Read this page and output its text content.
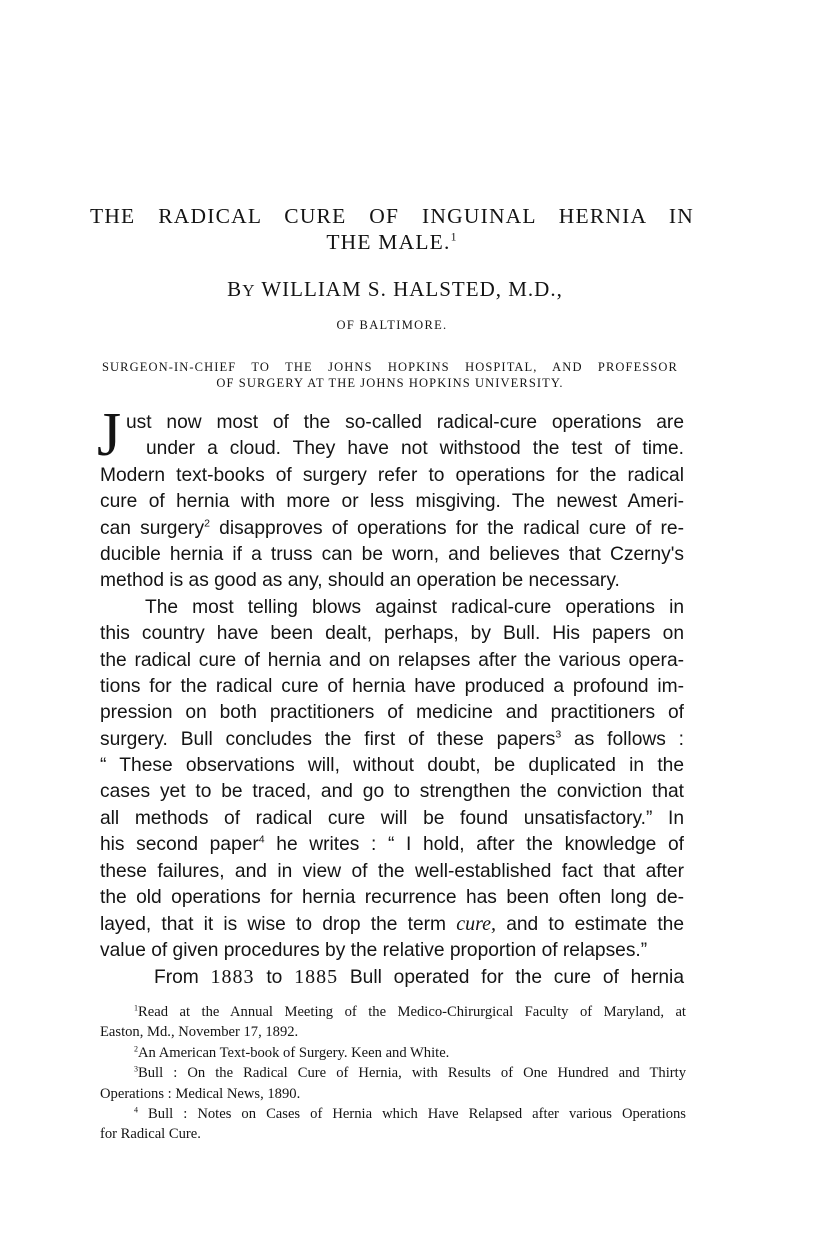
THE RADICAL CURE OF INGUINAL HERNIA IN
THE MALE.$^1$

BY WILLIAM S. HALSTED, M.D.,

OF BALTIMORE.

SURGEON-IN-CHIEF TO THE JOHNS HOPKINS HOSPITAL, AND PROFESSOR
OF SURGERY AT THE JOHNS HOPKINS UNIVERSITY.

J ust now most of the so-called radical-cure operations are
under a cloud. They have not withstood the test of time.
Modern text-books of surgery refer to operations for the radical
cure of hernia with more or less misgiving. The newest Ameri-
can surgery$^2$ disapproves of operations for the radical cure of re-
ducible hernia if a truss can be worn, and believes that Czerny's
method is as good as any, should an operation be necessary.

The most telling blows against radical-cure operations in
this country have been dealt, perhaps, by Bull. His papers on
the radical cure of hernia and on relapses after the various opera-
tions for the radical cure of hernia have produced a profound im-
pression on both practitioners of medicine and practitioners of
surgery. Bull concludes the first of these papers$^3$ as follows :
“ These observations will, without doubt, be duplicated in the
cases yet to be traced, and go to strengthen the conviction that
all methods of radical cure will be found unsatisfactory.” In
his second paper$^4$ he writes : “ I hold, after the knowledge of
these failures, and in view of the well-established fact that after
the old operations for hernia recurrence has been often long de-
layed, that it is wise to drop the term cure, and to estimate the
value of given procedures by the relative proportion of relapses.”

From 1883 to 1885 Bull operated for the cure of hernia

$^1$Read at the Annual Meeting of the Medico-Chirurgical Faculty of Maryland, at
Easton, Md., November 17, 1892.

$^2$An American Text-book of Surgery. Keen and White.

$^3$Bull : On the Radical Cure of Hernia, with Results of One Hundred and Thirty
Operations : Medical News, 1890.

$^4$ Bull : Notes on Cases of Hernia which Have Relapsed after various Operations
for Radical Cure.
